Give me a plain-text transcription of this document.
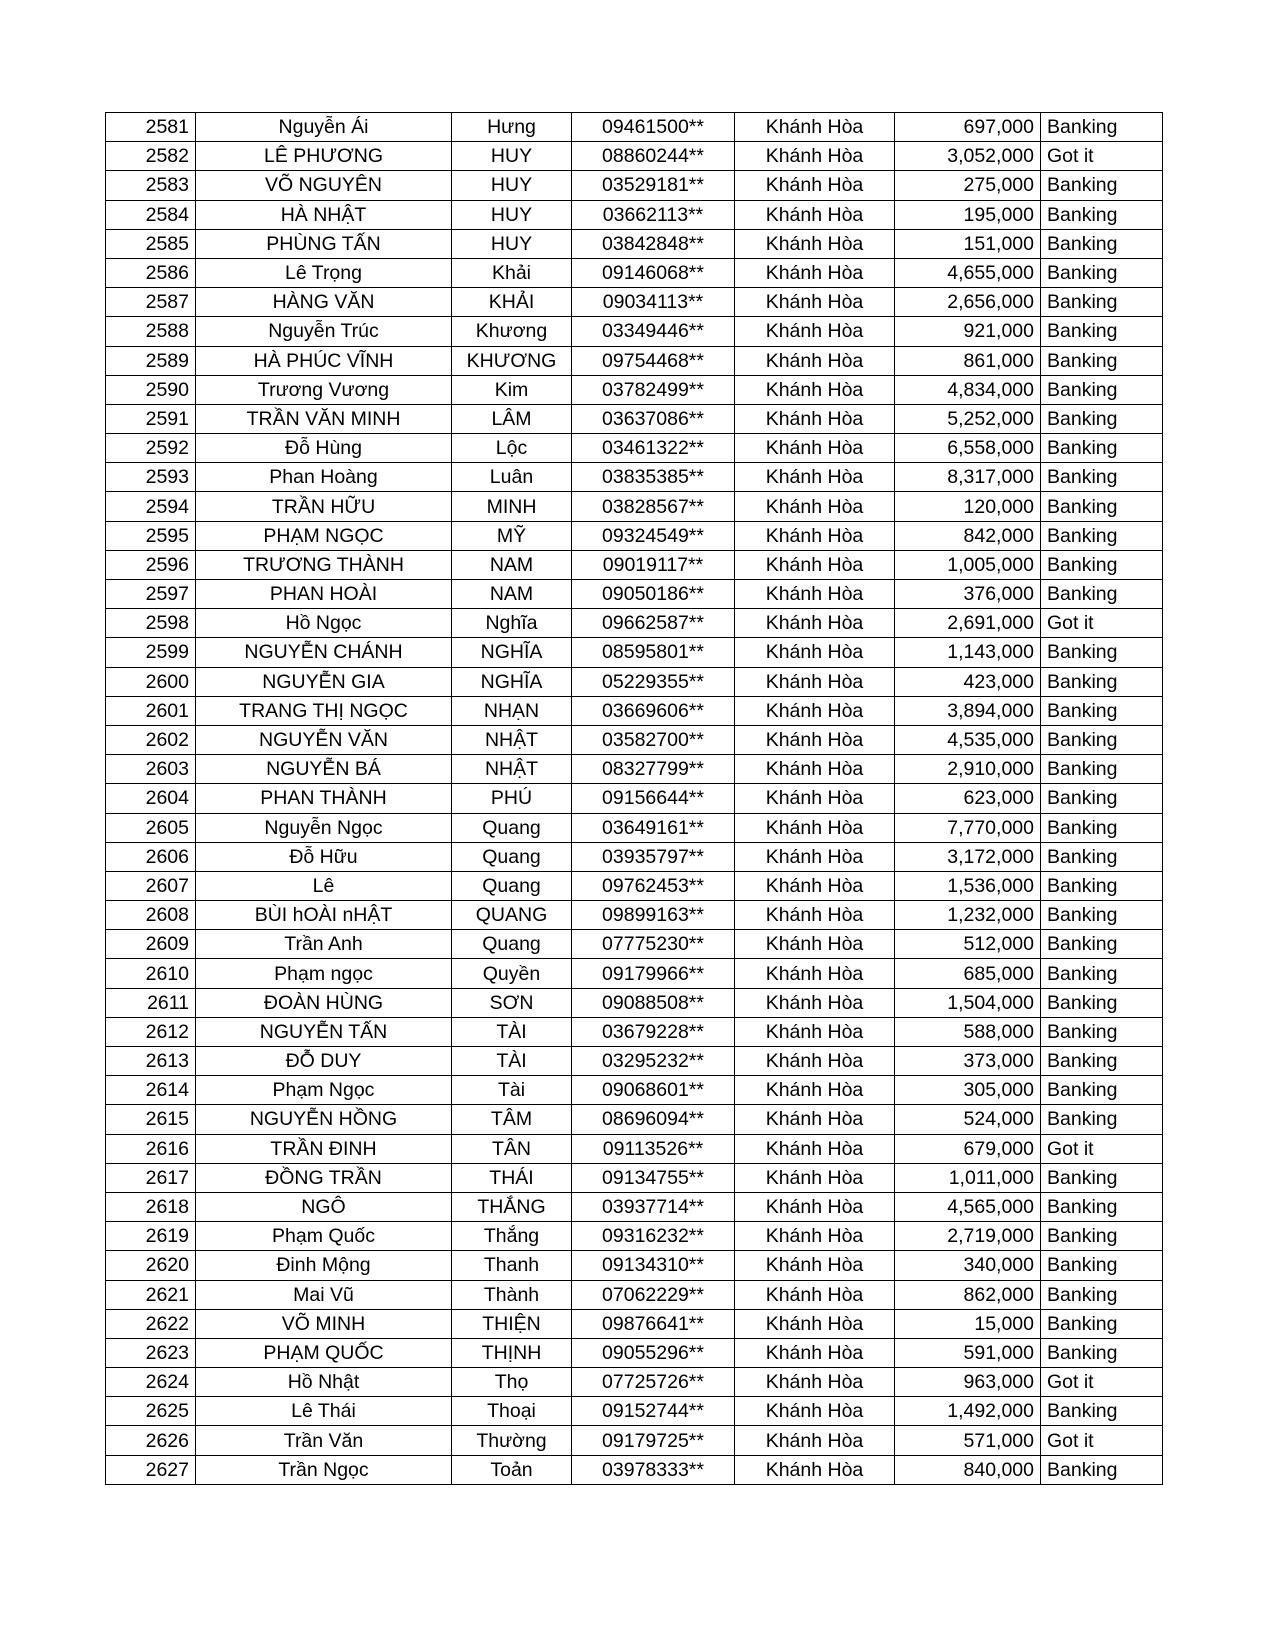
2581	Nguyễn Ái	Hưng	09461500**	Khánh Hòa	697,000	Banking
2582	LÊ PHƯƠNG	HUY	08860244**	Khánh Hòa	3,052,000	Got it
2583	VÕ NGUYÊN	HUY	03529181**	Khánh Hòa	275,000	Banking
2584	HÀ NHẬT	HUY	03662113**	Khánh Hòa	195,000	Banking
2585	PHÙNG TẤN	HUY	03842848**	Khánh Hòa	151,000	Banking
2586	Lê Trọng	Khải	09146068**	Khánh Hòa	4,655,000	Banking
2587	HÀNG VĂN	KHẢI	09034113**	Khánh Hòa	2,656,000	Banking
2588	Nguyễn Trúc	Khương	03349446**	Khánh Hòa	921,000	Banking
2589	HÀ PHÚC VĨNH	KHƯƠNG	09754468**	Khánh Hòa	861,000	Banking
2590	Trương Vương	Kim	03782499**	Khánh Hòa	4,834,000	Banking
2591	TRẦN VĂN MINH	LÂM	03637086**	Khánh Hòa	5,252,000	Banking
2592	Đỗ Hùng	Lộc	03461322**	Khánh Hòa	6,558,000	Banking
2593	Phan Hoàng	Luân	03835385**	Khánh Hòa	8,317,000	Banking
2594	TRẦN HỮU	MINH	03828567**	Khánh Hòa	120,000	Banking
2595	PHẠM NGỌC	MỸ	09324549**	Khánh Hòa	842,000	Banking
2596	TRƯƠNG THÀNH	NAM	09019117**	Khánh Hòa	1,005,000	Banking
2597	PHAN HOÀI	NAM	09050186**	Khánh Hòa	376,000	Banking
2598	Hồ Ngọc	Nghĩa	09662587**	Khánh Hòa	2,691,000	Got it
2599	NGUYỄN CHÁNH	NGHĨA	08595801**	Khánh Hòa	1,143,000	Banking
2600	NGUYỄN GIA	NGHĨA	05229355**	Khánh Hòa	423,000	Banking
2601	TRANG THỊ NGỌC	NHẠN	03669606**	Khánh Hòa	3,894,000	Banking
2602	NGUYỄN VĂN	NHẬT	03582700**	Khánh Hòa	4,535,000	Banking
2603	NGUYỄN BÁ	NHẬT	08327799**	Khánh Hòa	2,910,000	Banking
2604	PHAN THÀNH	PHÚ	09156644**	Khánh Hòa	623,000	Banking
2605	Nguyễn Ngọc	Quang	03649161**	Khánh Hòa	7,770,000	Banking
2606	Đỗ Hữu	Quang	03935797**	Khánh Hòa	3,172,000	Banking
2607	Lê	Quang	09762453**	Khánh Hòa	1,536,000	Banking
2608	BÙI hOÀI nHẬT	QUANG	09899163**	Khánh Hòa	1,232,000	Banking
2609	Trần Anh	Quang	07775230**	Khánh Hòa	512,000	Banking
2610	Phạm ngọc	Quyền	09179966**	Khánh Hòa	685,000	Banking
2611	ĐOÀN HÙNG	SƠN	09088508**	Khánh Hòa	1,504,000	Banking
2612	NGUYỄN TẤN	TÀI	03679228**	Khánh Hòa	588,000	Banking
2613	ĐỖ DUY	TÀI	03295232**	Khánh Hòa	373,000	Banking
2614	Phạm Ngọc	Tài	09068601**	Khánh Hòa	305,000	Banking
2615	NGUYỄN HỒNG	TÂM	08696094**	Khánh Hòa	524,000	Banking
2616	TRẦN ĐINH	TÂN	09113526**	Khánh Hòa	679,000	Got it
2617	ĐỒNG TRẦN	THÁI	09134755**	Khánh Hòa	1,011,000	Banking
2618	NGÔ	THẮNG	03937714**	Khánh Hòa	4,565,000	Banking
2619	Phạm Quốc	Thắng	09316232**	Khánh Hòa	2,719,000	Banking
2620	Đinh Mộng	Thanh	09134310**	Khánh Hòa	340,000	Banking
2621	Mai Vũ	Thành	07062229**	Khánh Hòa	862,000	Banking
2622	VÕ MINH	THIỆN	09876641**	Khánh Hòa	15,000	Banking
2623	PHẠM QUỐC	THỊNH	09055296**	Khánh Hòa	591,000	Banking
2624	Hồ Nhật	Thọ	07725726**	Khánh Hòa	963,000	Got it
2625	Lê Thái	Thoại	09152744**	Khánh Hòa	1,492,000	Banking
2626	Trần Văn	Thường	09179725**	Khánh Hòa	571,000	Got it
2627	Trần Ngọc	Toản	03978333**	Khánh Hòa	840,000	Banking
